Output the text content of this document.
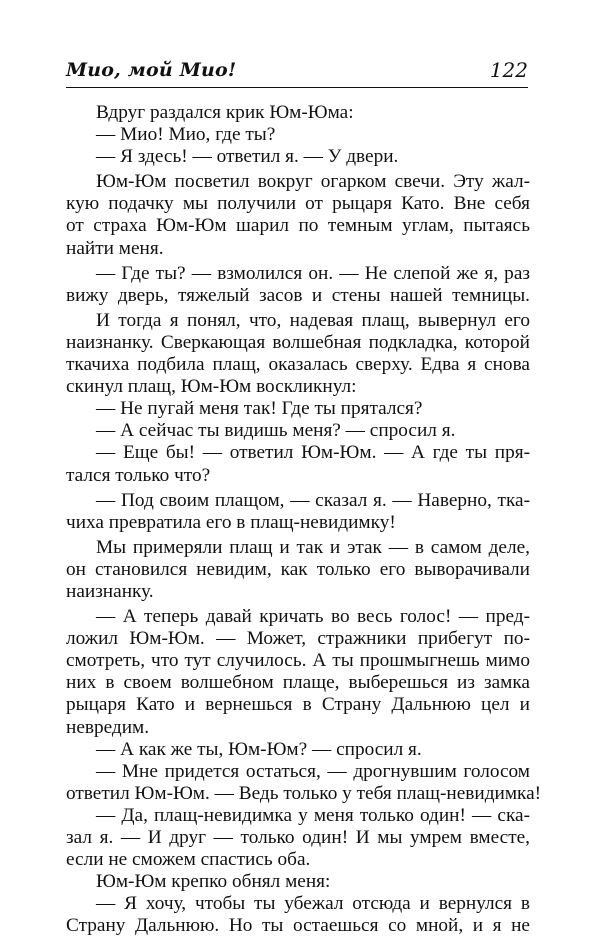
Мио, мой Мио!	122
Вдруг раздался крик Юм-Юма:
— Мио! Мио, где ты?
— Я здесь! — ответил я. — У двери.
Юм-Юм посветил вокруг огарком свечи. Эту жал-
кую подачку мы получили от рыцаря Като. Вне себя
от страха Юм-Юм шарил по темным углам, пытаясь
найти меня.
— Где ты? — взмолился он. — Не слепой же я, раз
вижу дверь, тяжелый засов и стены нашей темницы.
И тогда я понял, что, надевая плащ, вывернул его
наизнанку. Сверкающая волшебная подкладка, которой
ткачиха подбила плащ, оказалась сверху. Едва я снова
скинул плащ, Юм-Юм воскликнул:
— Не пугай меня так! Где ты прятался?
— А сейчас ты видишь меня? — спросил я.
— Еще бы! — ответил Юм-Юм. — А где ты пря-
тался только что?
— Под своим плащом, — сказал я. — Наверно, тка-
чиха превратила его в плащ-невидимку!
Мы примеряли плащ и так и этак — в самом деле,
он становился невидим, как только его выворачивали
наизнанку.
— А теперь давай кричать во весь голос! — пред-
ложил Юм-Юм. — Может, стражники прибегут по-
смотреть, что тут случилось. А ты прошмыгнешь мимо
них в своем волшебном плаще, выберешься из замка
рыцаря Като и вернешься в Страну Дальнюю цел и
невредим.
— А как же ты, Юм-Юм? — спросил я.
— Мне придется остаться, — дрогнувшим голосом
ответил Юм-Юм. — Ведь только у тебя плащ-невидимка!
— Да, плащ-невидимка у меня только один! — ска-
зал я. — И друг — только один! И мы умрем вместе,
если не сможем спастись оба.
Юм-Юм крепко обнял меня:
— Я хочу, чтобы ты убежал отсюда и вернулся в
Страну Дальнюю. Но ты остаешься со мной, и я не
